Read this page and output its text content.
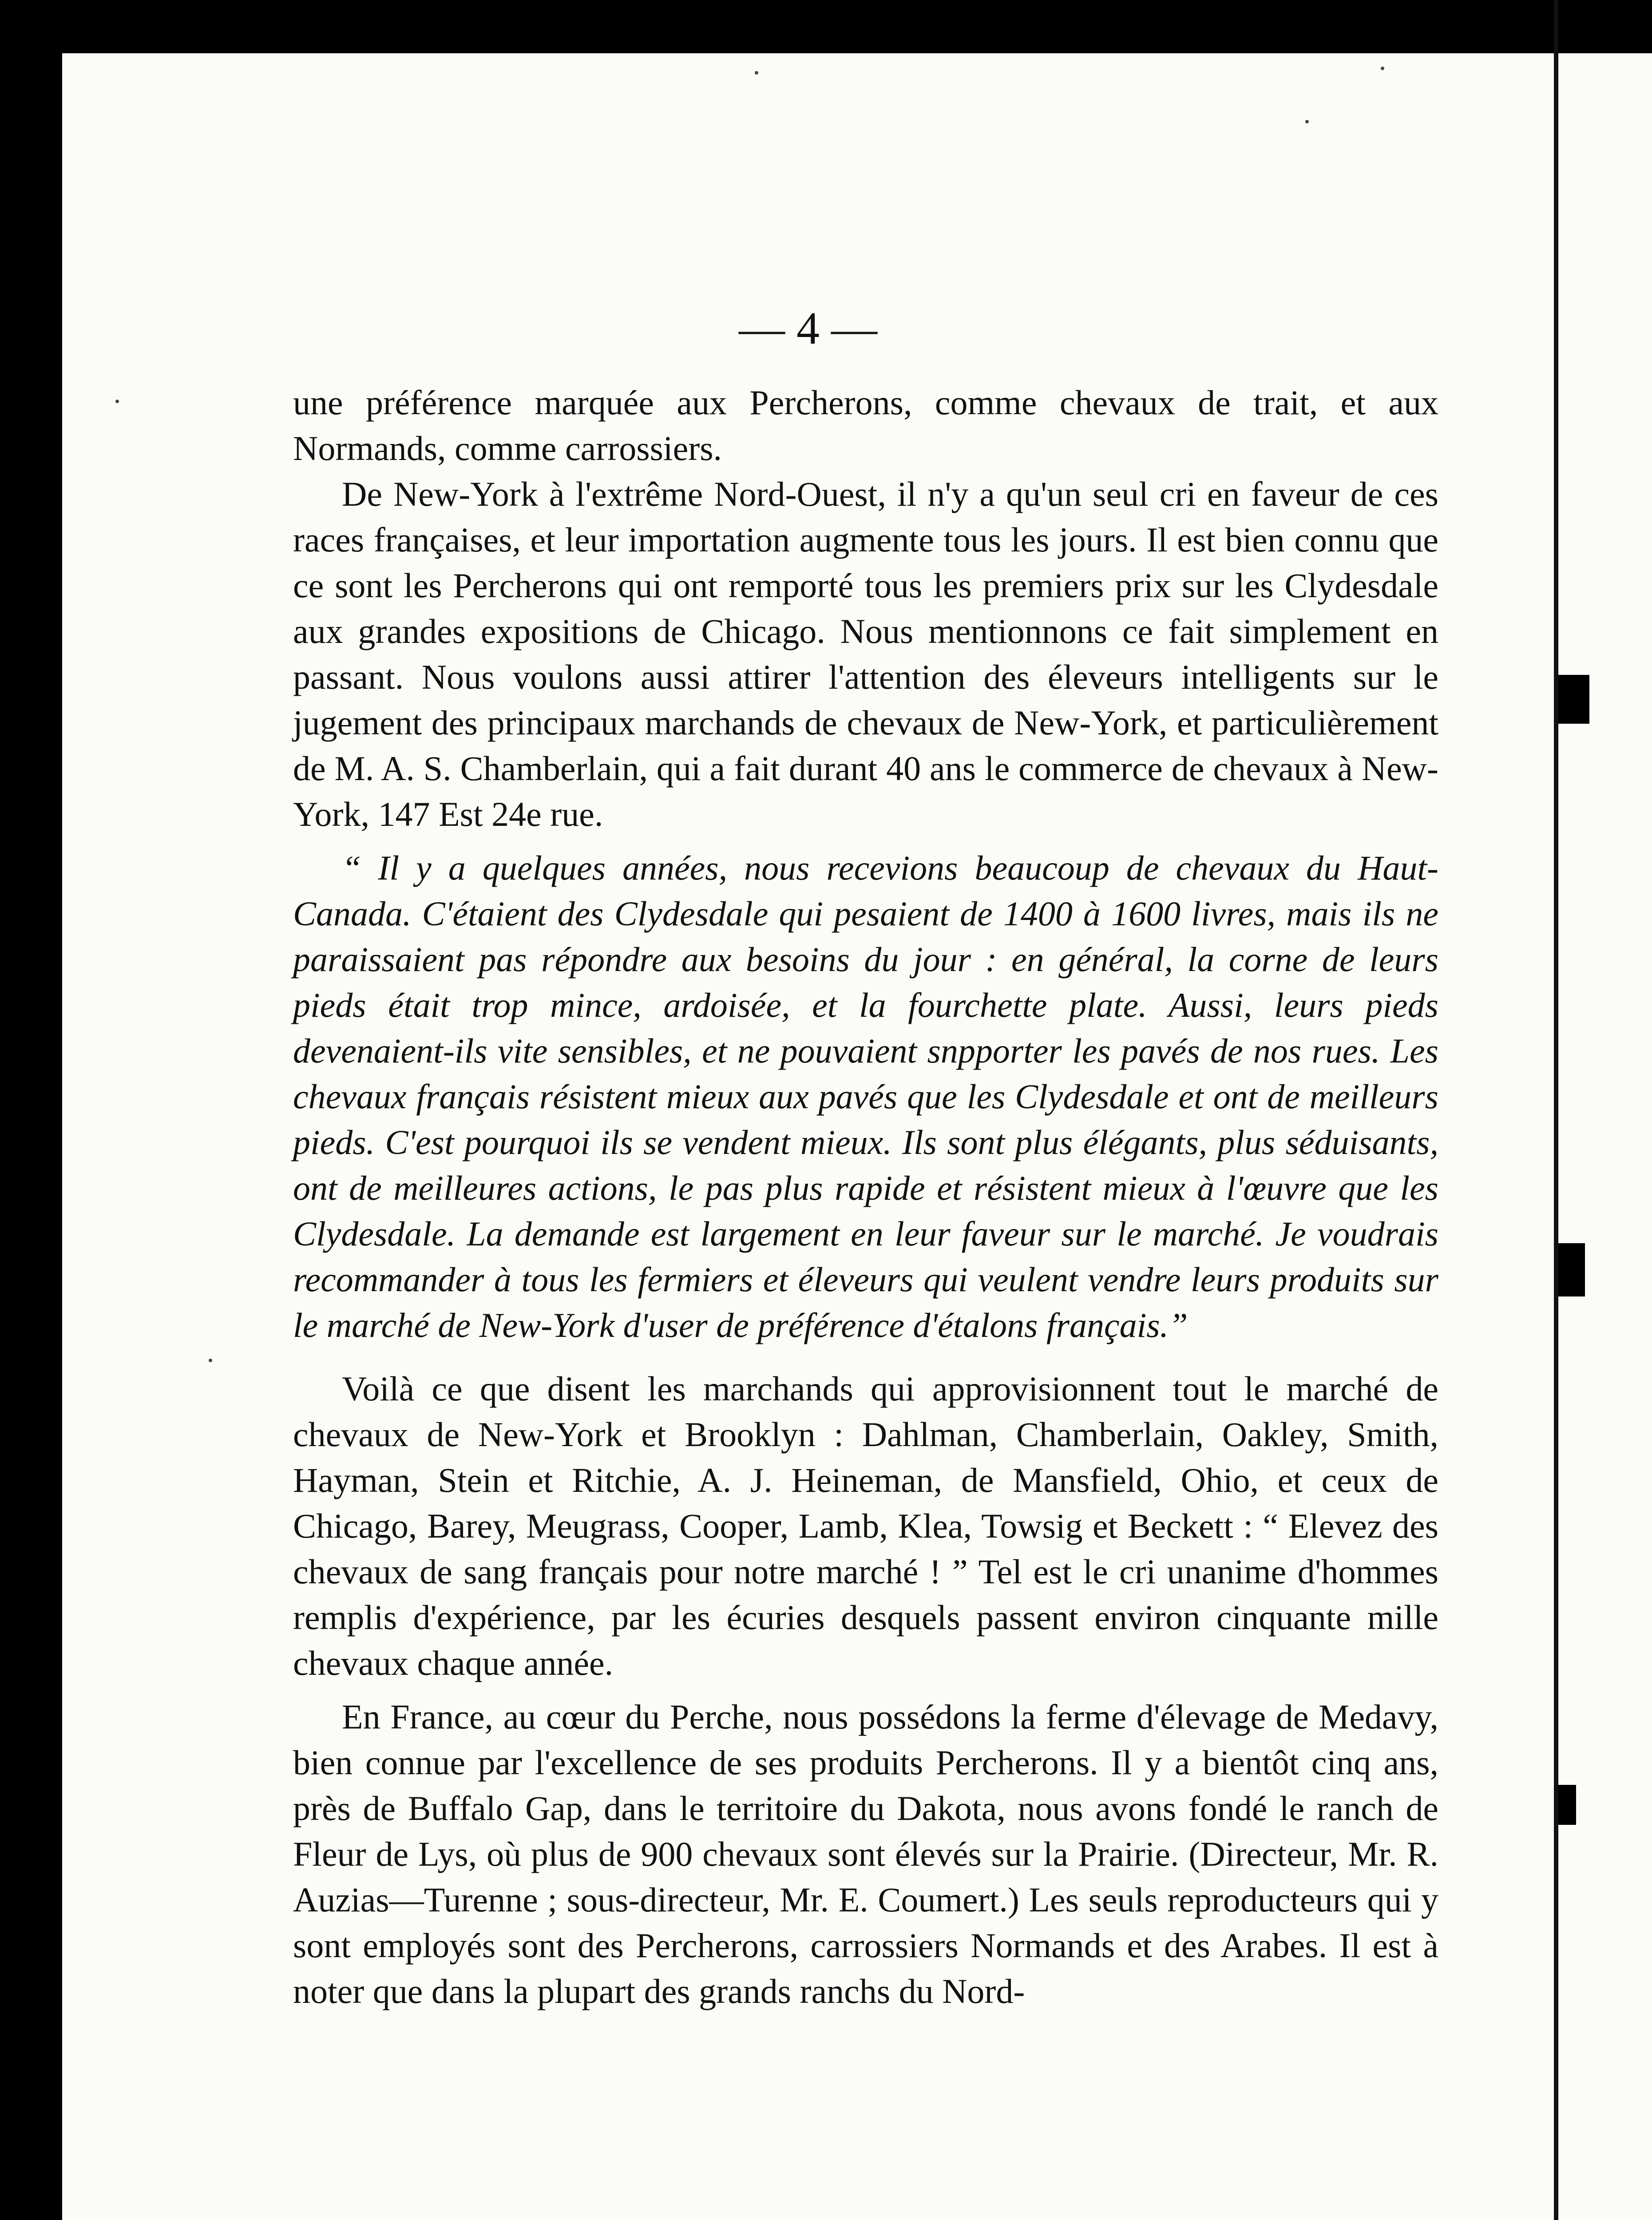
— 4 —

une préférence marquée aux Percherons, comme chevaux de trait, et aux Normands, comme carrossiers.

De New-York à l'extrême Nord-Ouest, il n'y a qu'un seul cri en faveur de ces races françaises, et leur importation augmente tous les jours. Il est bien connu que ce sont les Percherons qui ont remporté tous les premiers prix sur les Clydesdale aux grandes expositions de Chicago. Nous mentionnons ce fait simplement en passant. Nous voulons aussi attirer l'attention des éleveurs intelligents sur le jugement des principaux marchands de chevaux de New-York, et particulièrement de M. A. S. Chamberlain, qui a fait durant 40 ans le commerce de chevaux à New-York, 147 Est 24e rue.

“ Il y a quelques années, nous recevions beaucoup de chevaux du Haut-Canada. C'étaient des Clydesdale qui pesaient de 1400 à 1600 livres, mais ils ne paraissaient pas répondre aux besoins du jour : en général, la corne de leurs pieds était trop mince, ardoisée, et la fourchette plate. Aussi, leurs pieds devenaient-ils vite sensibles, et ne pouvaient snpporter les pavés de nos rues. Les chevaux français résistent mieux aux pavés que les Clydesdale et ont de meilleurs pieds. C'est pourquoi ils se vendent mieux. Ils sont plus élégants, plus séduisants, ont de meilleures actions, le pas plus rapide et résistent mieux à l'œuvre que les Clydesdale. La demande est largement en leur faveur sur le marché. Je voudrais recommander à tous les fermiers et éleveurs qui veulent vendre leurs produits sur le marché de New-York d'user de préférence d'étalons français.”

Voilà ce que disent les marchands qui approvisionnent tout le marché de chevaux de New-York et Brooklyn : Dahlman, Chamberlain, Oakley, Smith, Hayman, Stein et Ritchie, A. J. Heineman, de Mansfield, Ohio, et ceux de Chicago, Barey, Meugrass, Cooper, Lamb, Klea, Towsig et Beckett : “ Elevez des chevaux de sang français pour notre marché ! ” Tel est le cri unanime d'hommes remplis d'expérience, par les écuries desquels passent environ cinquante mille chevaux chaque année.

En France, au cœur du Perche, nous possédons la ferme d'élevage de Medavy, bien connue par l'excellence de ses produits Percherons. Il y a bientôt cinq ans, près de Buffalo Gap, dans le territoire du Dakota, nous avons fondé le ranch de Fleur de Lys, où plus de 900 chevaux sont élevés sur la Prairie. (Directeur, Mr. R. Auzias—Turenne ; sous-directeur, Mr. E. Coumert.) Les seuls reproducteurs qui y sont employés sont des Percherons, carrossiers Normands et des Arabes. Il est à noter que dans la plupart des grands ranchs du Nord-
